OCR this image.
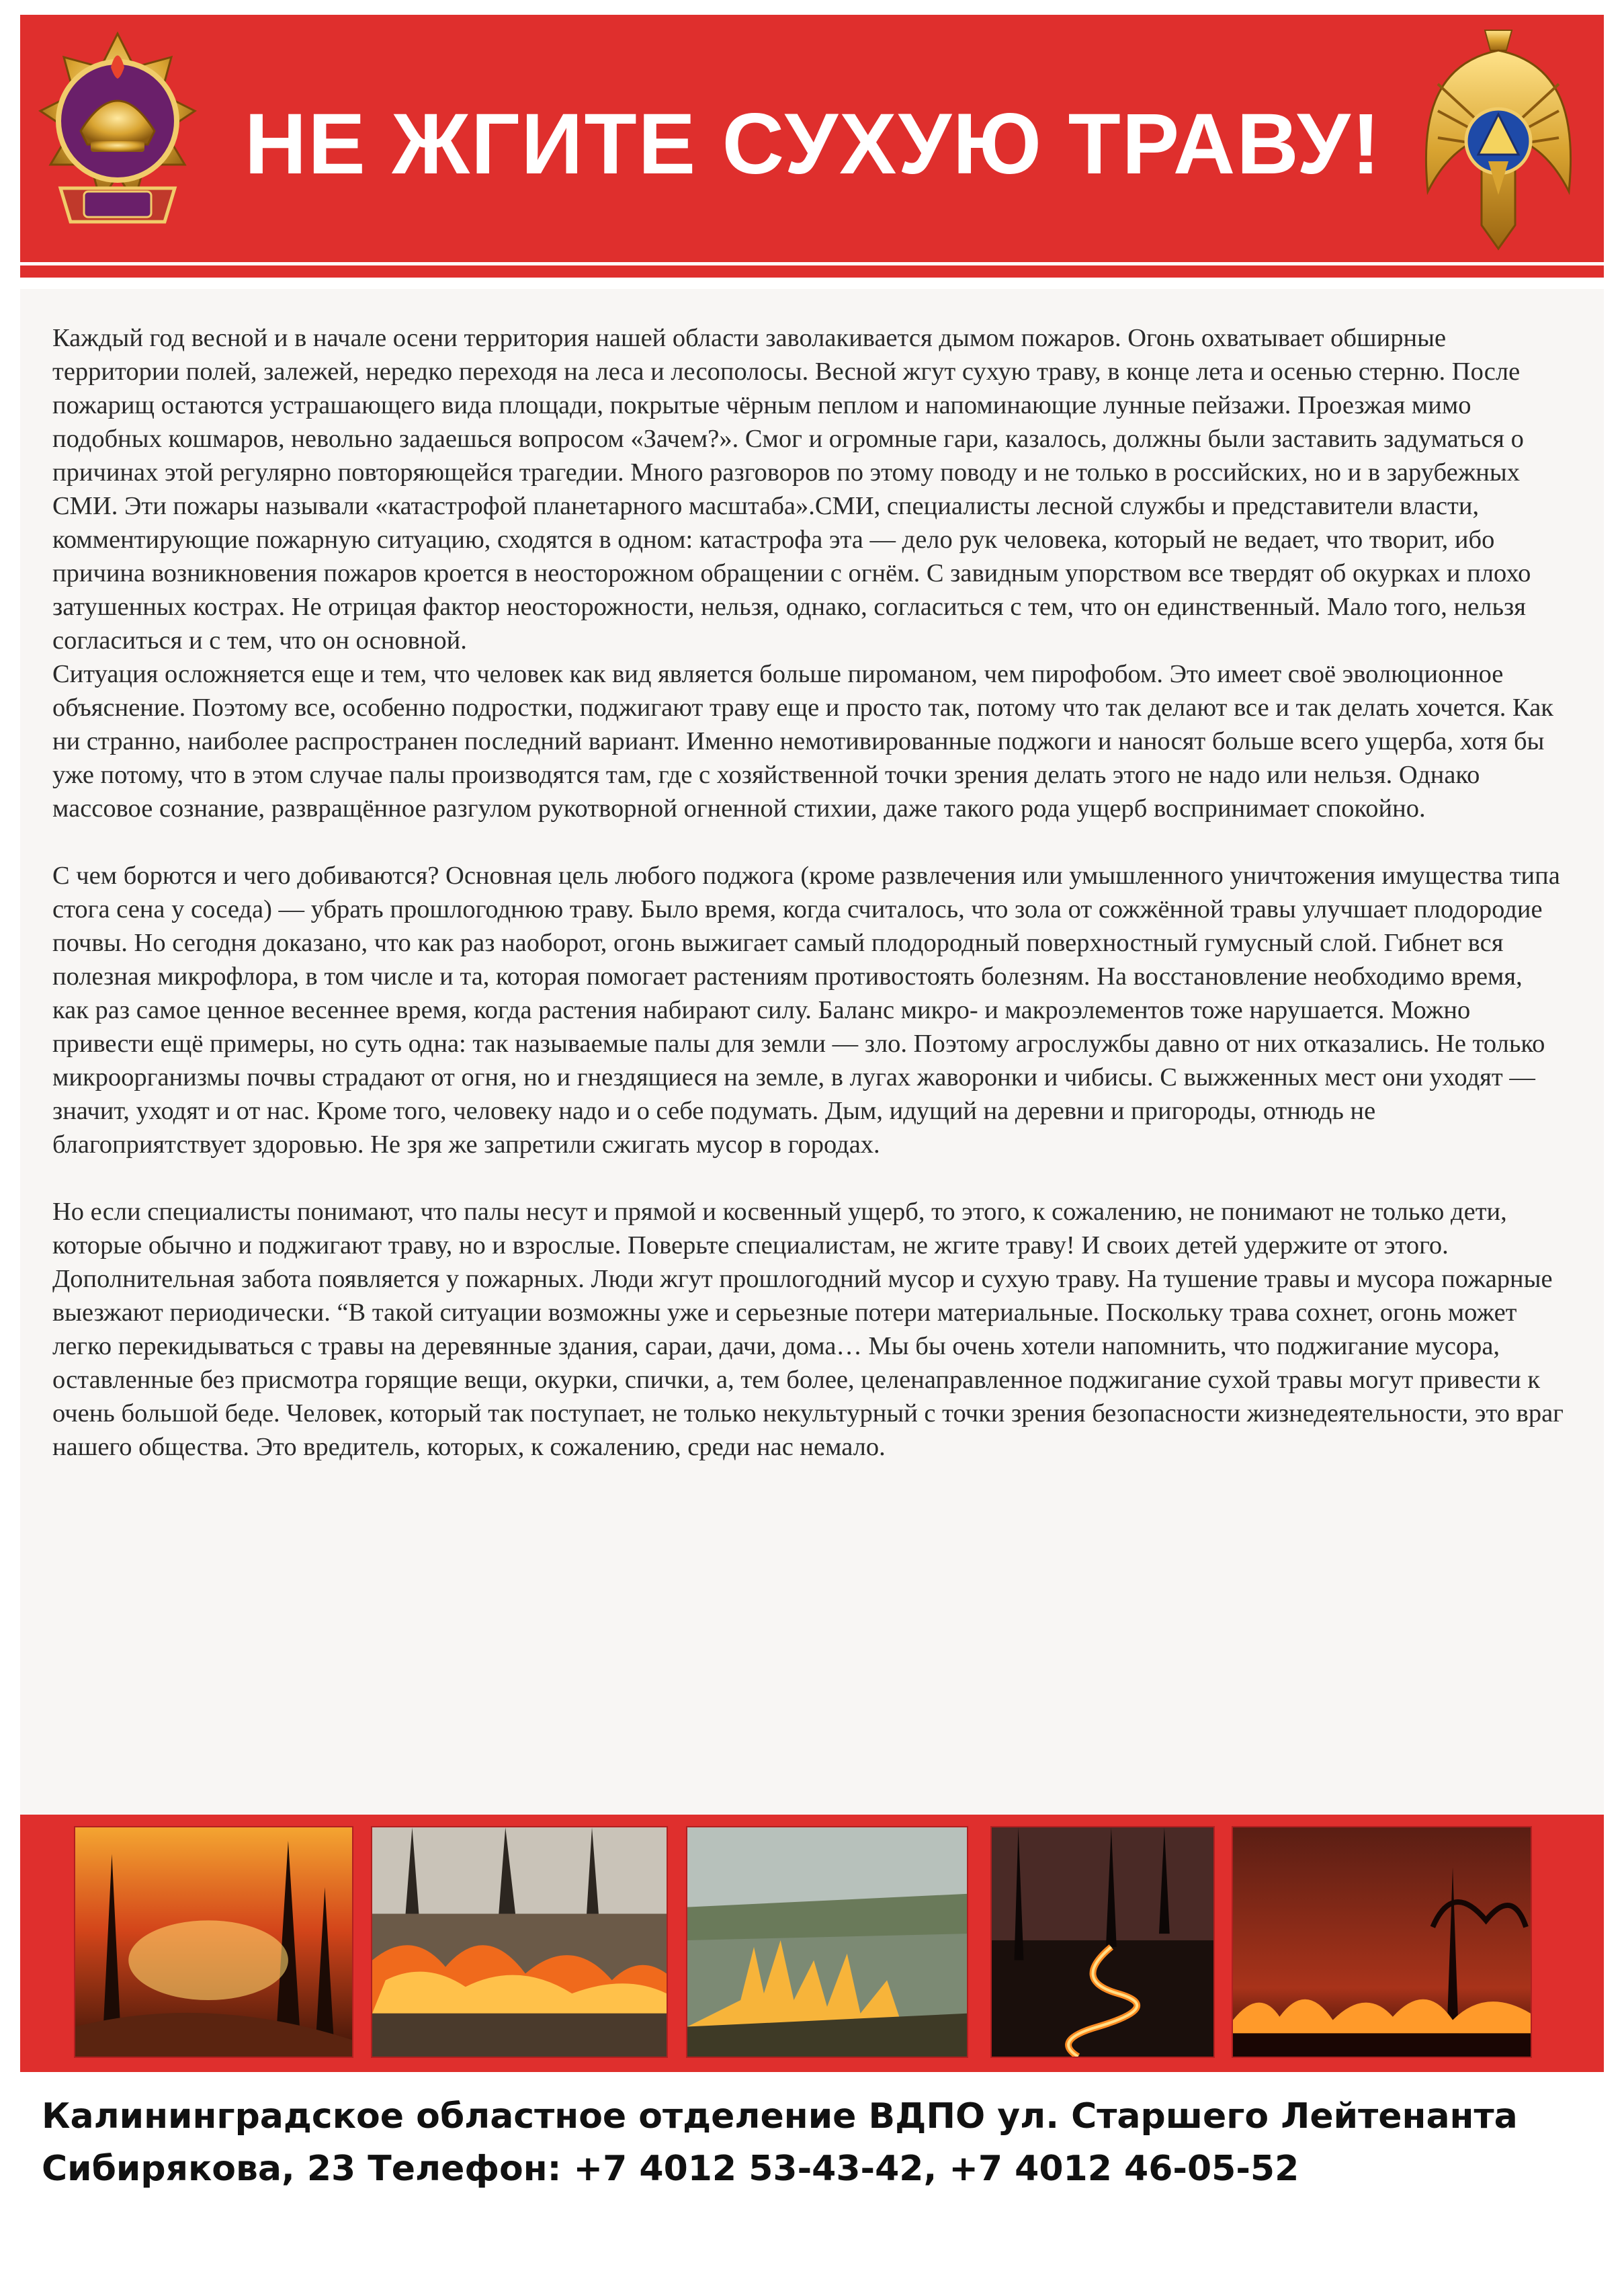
НЕ ЖГИТЕ СУХУЮ ТРАВУ!

Каждый год весной и в начале осени территория нашей области заволакивается дымом пожаров. Огонь охватывает обширные территории полей, залежей, нередко переходя на леса и лесополосы. Весной жгут сухую траву, в конце лета и осенью стерню. После пожарищ остаются устрашающего вида площади, покрытые чёрным пеплом и напоминающие лунные пейзажи. Проезжая мимо подобных кошмаров, невольно задаешься вопросом «Зачем?». Смог и огромные гари, казалось, должны были заставить задуматься о причинах этой регулярно повторяющейся трагедии. Много разговоров по этому поводу и не только в российских, но и в зарубежных СМИ. Эти пожары называли «катастрофой планетарного масштаба».СМИ, специалисты лесной службы и представители власти, комментирующие пожарную ситуацию, сходятся в одном: катастрофа эта — дело рук человека, который не ведает, что творит, ибо причина возникновения пожаров кроется в неосторожном обращении с огнём. С завидным упорством все твердят об окурках и плохо затушенных кострах. Не отрицая фактор неосторожности, нельзя, однако, согласиться с тем, что он единственный. Мало того, нельзя согласиться и с тем, что он основной.

Ситуация осложняется еще и тем, что человек как вид является больше пироманом, чем пирофобом. Это имеет своё эволюционное объяснение. Поэтому все, особенно подростки, поджигают траву еще и просто так, потому что так делают все и так делать хочется. Как ни странно, наиболее распространен последний вариант. Именно немотивированные поджоги и наносят больше всего ущерба, хотя бы уже потому, что в этом случае палы производятся там, где с хозяйственной точки зрения делать этого не надо или нельзя. Однако массовое сознание, развращённое разгулом рукотворной огненной стихии, даже такого рода ущерб воспринимает спокойно.

С чем борются и чего добиваются? Основная цель любого поджога (кроме развлечения или умышленного уничтожения имущества типа стога сена у соседа) — убрать прошлогоднюю траву. Было время, когда считалось, что зола от сожжённой травы улучшает плодородие почвы. Но сегодня доказано, что как раз наоборот, огонь выжигает самый плодородный поверхностный гумусный слой. Гибнет вся полезная микрофлора, в том числе и та, которая помогает растениям противостоять болезням. На восстановление необходимо время, как раз самое ценное весеннее время, когда растения набирают силу. Баланс микро- и макроэлементов тоже нарушается. Можно привести ещё примеры, но суть одна: так называемые палы для земли — зло. Поэтому агрослужбы давно от них отказались. Не только микроорганизмы почвы страдают от огня, но и гнездящиеся на земле, в лугах жаворонки и чибисы. С выжженных мест они уходят — значит, уходят и от нас. Кроме того, человеку надо и о себе подумать. Дым, идущий на деревни и пригороды, отнюдь не благоприятствует здоровью. Не зря же запретили сжигать мусор в городах.

Но если специалисты понимают, что палы несут и прямой и косвенный ущерб, то этого, к сожалению, не понимают не только дети, которые обычно и поджигают траву, но и взрослые. Поверьте специалистам, не жгите траву! И своих детей удержите от этого.

Дополнительная забота появляется у пожарных. Люди жгут прошлогодний мусор и сухую траву. На тушение травы и мусора пожарные выезжают периодически. “В такой ситуации возможны уже и серьезные потери материальные. Поскольку трава сохнет, огонь может легко перекидываться с травы на деревянные здания, сараи, дачи, дома… Мы бы очень хотели напомнить, что поджигание мусора, оставленные без присмотра горящие вещи, окурки, спички, а, тем более, целенаправленное поджигание сухой травы могут привести к очень большой беде. Человек, который так поступает, не только некультурный с точки зрения безопасности жизнедеятельности, это враг нашего общества. Это вредитель, которых, к сожалению, среди нас немало.

Калининградское областное отделение ВДПО ул. Старшего Лейтенанта
Сибирякова, 23 Телефон: +7 4012 53-43-42, +7 4012 46-05-52
